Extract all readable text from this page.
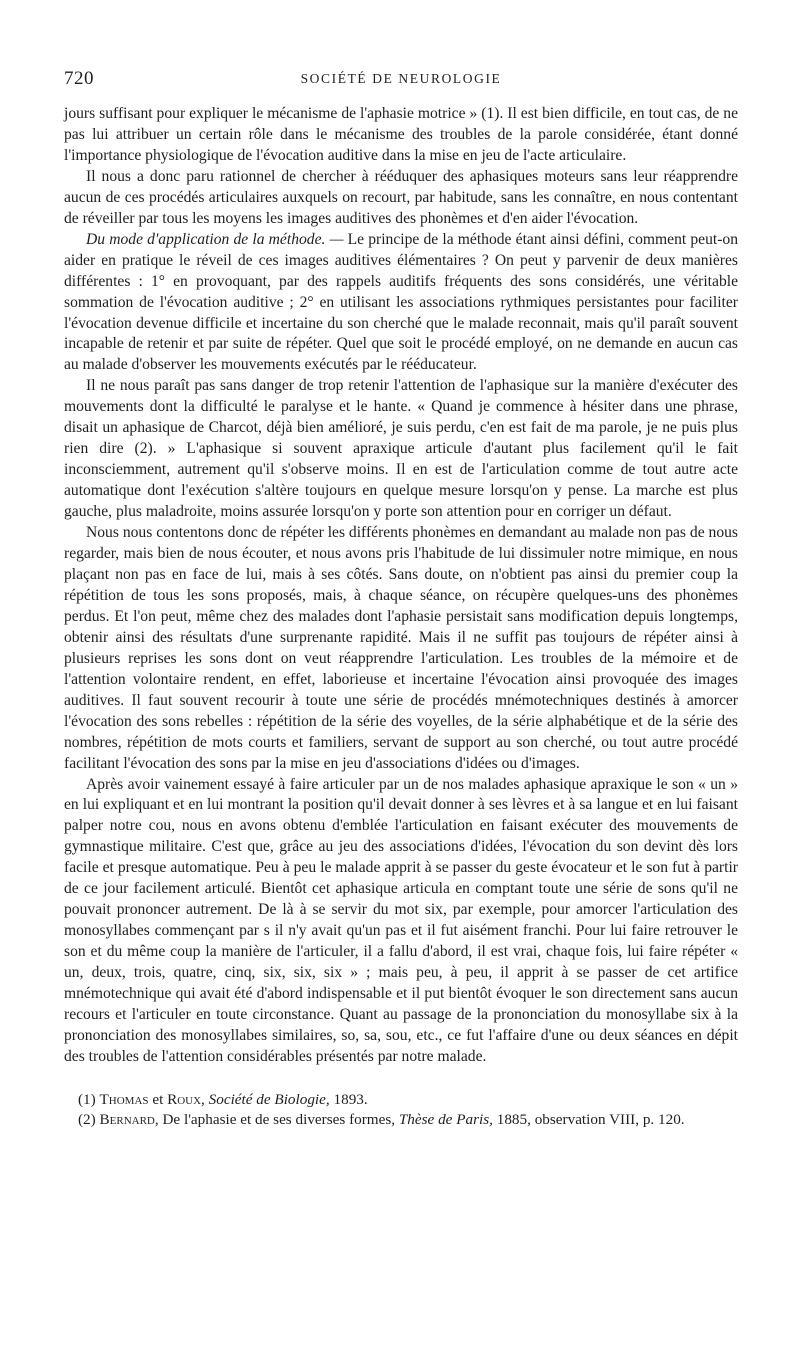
720	SOCIÉTÉ DE NEUROLOGIE

jours suffisant pour expliquer le mécanisme de l'aphasie motrice » (1). Il est bien difficile, en tout cas, de ne pas lui attribuer un certain rôle dans le mécanisme des troubles de la parole considérée, étant donné l'importance physiologique de l'évocation auditive dans la mise en jeu de l'acte articulaire.

Il nous a donc paru rationnel de chercher à rééduquer des aphasiques moteurs sans leur réapprendre aucun de ces procédés articulaires auxquels on recourt, par habitude, sans les connaître, en nous contentant de réveiller par tous les moyens les images auditives des phonèmes et d'en aider l'évocation.

Du mode d'application de la méthode. — Le principe de la méthode étant ainsi défini, comment peut-on aider en pratique le réveil de ces images auditives élémentaires ? On peut y parvenir de deux manières différentes : 1° en provoquant, par des rappels auditifs fréquents des sons considérés, une véritable sommation de l'évocation auditive ; 2° en utilisant les associations rythmiques persistantes pour faciliter l'évocation devenue difficile et incertaine du son cherché que le malade reconnait, mais qu'il paraît souvent incapable de retenir et par suite de répéter. Quel que soit le procédé employé, on ne demande en aucun cas au malade d'observer les mouvements exécutés par le rééducateur.

Il ne nous paraît pas sans danger de trop retenir l'attention de l'aphasique sur la manière d'exécuter des mouvements dont la difficulté le paralyse et le hante. « Quand je commence à hésiter dans une phrase, disait un aphasique de Charcot, déjà bien amélioré, je suis perdu, c'en est fait de ma parole, je ne puis plus rien dire (2). » L'aphasique si souvent apraxique articule d'autant plus facilement qu'il le fait inconsciemment, autrement qu'il s'observe moins. Il en est de l'articulation comme de tout autre acte automatique dont l'exécution s'altère toujours en quelque mesure lorsqu'on y pense. La marche est plus gauche, plus maladroite, moins assurée lorsqu'on y porte son attention pour en corriger un défaut.

Nous nous contentons donc de répéter les différents phonèmes en demandant au malade non pas de nous regarder, mais bien de nous écouter, et nous avons pris l'habitude de lui dissimuler notre mimique, en nous plaçant non pas en face de lui, mais à ses côtés. Sans doute, on n'obtient pas ainsi du premier coup la répétition de tous les sons proposés, mais, à chaque séance, on récupère quelques-uns des phonèmes perdus. Et l'on peut, même chez des malades dont l'aphasie persistait sans modification depuis longtemps, obtenir ainsi des résultats d'une surprenante rapidité. Mais il ne suffit pas toujours de répéter ainsi à plusieurs reprises les sons dont on veut réapprendre l'articulation. Les troubles de la mémoire et de l'attention volontaire rendent, en effet, laborieuse et incertaine l'évocation ainsi provoquée des images auditives. Il faut souvent recourir à toute une série de procédés mnémotechniques destinés à amorcer l'évocation des sons rebelles : répétition de la série des voyelles, de la série alphabétique et de la série des nombres, répétition de mots courts et familiers, servant de support au son cherché, ou tout autre procédé facilitant l'évocation des sons par la mise en jeu d'associations d'idées ou d'images.

Après avoir vainement essayé à faire articuler par un de nos malades aphasique apraxique le son « un » en lui expliquant et en lui montrant la position qu'il devait donner à ses lèvres et à sa langue et en lui faisant palper notre cou, nous en avons obtenu d'emblée l'articulation en faisant exécuter des mouvements de gymnastique militaire. C'est que, grâce au jeu des associations d'idées, l'évocation du son devint dès lors facile et presque automatique. Peu à peu le malade apprit à se passer du geste évocateur et le son fut à partir de ce jour facilement articulé. Bientôt cet aphasique articula en comptant toute une série de sons qu'il ne pouvait prononcer autrement. De là à se servir du mot six, par exemple, pour amorcer l'articulation des monosyllabes commençant par s il n'y avait qu'un pas et il fut aisément franchi. Pour lui faire retrouver le son et du même coup la manière de l'articuler, il a fallu d'abord, il est vrai, chaque fois, lui faire répéter « un, deux, trois, quatre, cinq, six, six, six » ; mais peu, à peu, il apprit à se passer de cet artifice mnémotechnique qui avait été d'abord indispensable et il put bientôt évoquer le son directement sans aucun recours et l'articuler en toute circonstance. Quant au passage de la prononciation du monosyllabe six à la prononciation des monosyllabes similaires, so, sa, sou, etc., ce fut l'affaire d'une ou deux séances en dépit des troubles de l'attention considérables présentés par notre malade.

(1) Thomas et Roux, Société de Biologie, 1893.

(2) Bernard, De l'aphasie et de ses diverses formes, Thèse de Paris, 1885, observation VIII, p. 120.
